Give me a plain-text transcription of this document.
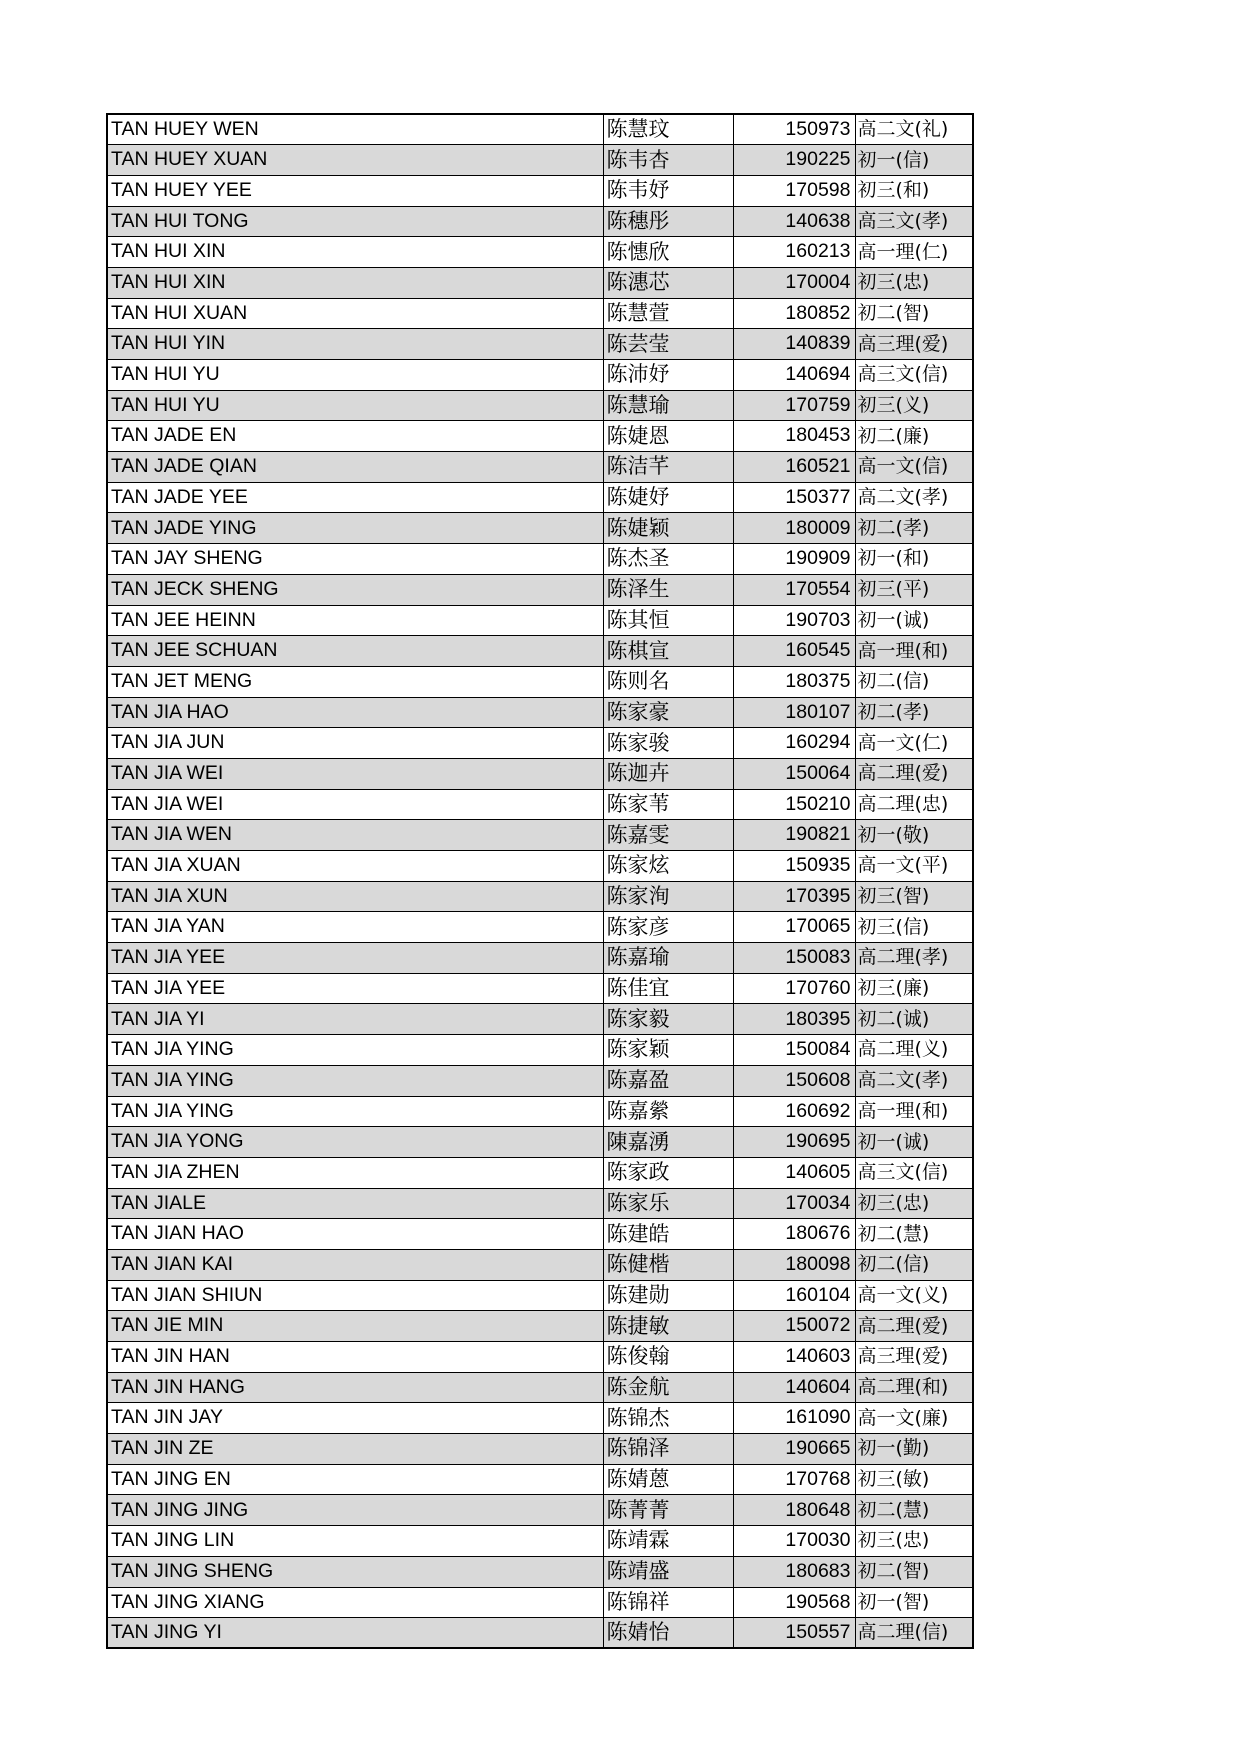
TAN HUEY WEN	陈慧玟	150973	高二文(礼)
TAN HUEY XUAN	陈韦杏	190225	初一(信)
TAN HUEY YEE	陈韦妤	170598	初三(和)
TAN HUI TONG	陈穗彤	140638	高三文(孝)
TAN HUI XIN	陈憓欣	160213	高一理(仁)
TAN HUI XIN	陈潓芯	170004	初三(忠)
TAN HUI XUAN	陈慧萱	180852	初二(智)
TAN HUI YIN	陈芸莹	140839	高三理(爱)
TAN HUI YU	陈沛妤	140694	高三文(信)
TAN HUI YU	陈慧瑜	170759	初三(义)
TAN JADE EN	陈婕恩	180453	初二(廉)
TAN JADE QIAN	陈洁芊	160521	高一文(信)
TAN JADE YEE	陈婕妤	150377	高二文(孝)
TAN JADE YING	陈婕颖	180009	初二(孝)
TAN JAY SHENG	陈杰圣	190909	初一(和)
TAN JECK SHENG	陈泽生	170554	初三(平)
TAN JEE HEINN	陈其恒	190703	初一(诚)
TAN JEE SCHUAN	陈棋宣	160545	高一理(和)
TAN JET MENG	陈则名	180375	初二(信)
TAN JIA HAO	陈家豪	180107	初二(孝)
TAN JIA JUN	陈家骏	160294	高一文(仁)
TAN JIA WEI	陈迦卉	150064	高二理(爱)
TAN JIA WEI	陈家苇	150210	高二理(忠)
TAN JIA WEN	陈嘉雯	190821	初一(敬)
TAN JIA XUAN	陈家炫	150935	高一文(平)
TAN JIA XUN	陈家洵	170395	初三(智)
TAN JIA YAN	陈家彦	170065	初三(信)
TAN JIA YEE	陈嘉瑜	150083	高二理(孝)
TAN JIA YEE	陈佳宜	170760	初三(廉)
TAN JIA YI	陈家毅	180395	初二(诚)
TAN JIA YING	陈家颖	150084	高二理(义)
TAN JIA YING	陈嘉盈	150608	高二文(孝)
TAN JIA YING	陈嘉縈	160692	高一理(和)
TAN JIA YONG	陳嘉湧	190695	初一(诚)
TAN JIA ZHEN	陈家政	140605	高三文(信)
TAN JIALE	陈家乐	170034	初三(忠)
TAN JIAN HAO	陈建皓	180676	初二(慧)
TAN JIAN KAI	陈健楷	180098	初二(信)
TAN JIAN SHIUN	陈建勋	160104	高一文(义)
TAN JIE MIN	陈捷敏	150072	高二理(爱)
TAN JIN HAN	陈俊翰	140603	高三理(爱)
TAN JIN HANG	陈金航	140604	高二理(和)
TAN JIN JAY	陈锦杰	161090	高一文(廉)
TAN JIN ZE	陈锦泽	190665	初一(勤)
TAN JING EN	陈婧蒽	170768	初三(敏)
TAN JING JING	陈菁菁	180648	初二(慧)
TAN JING LIN	陈靖霖	170030	初三(忠)
TAN JING SHENG	陈靖盛	180683	初二(智)
TAN JING XIANG	陈锦祥	190568	初一(智)
TAN JING YI	陈婧怡	150557	高二理(信)
